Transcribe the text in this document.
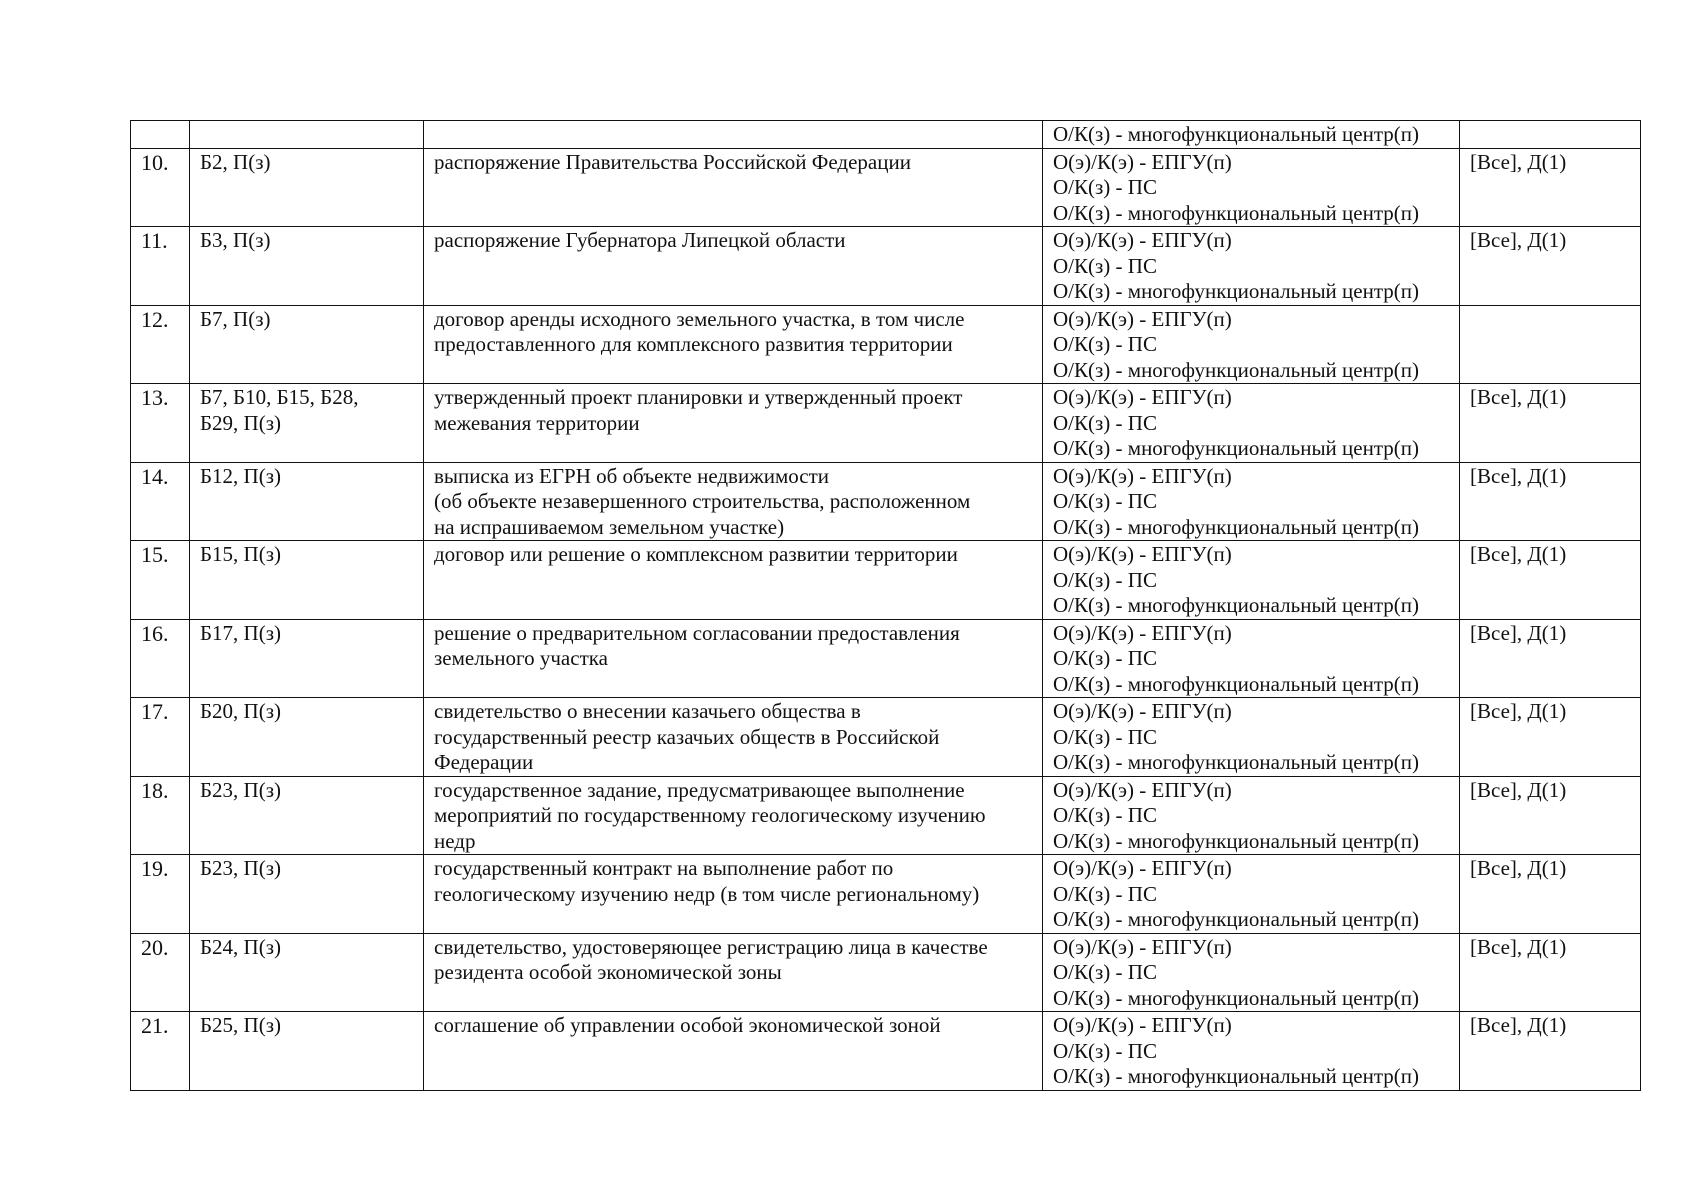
			О/К(з) - многофункциональный центр(п)	

10.	Б2, П(з)	распоряжение Правительства Российской Федерации	О(э)/К(э) - ЕПГУ(п)
О/К(з) - ПС
О/К(з) - многофункциональный центр(п)	[Все], Д(1)
11.	Б3, П(з)	распоряжение Губернатора Липецкой области	О(э)/К(э) - ЕПГУ(п)
О/К(з) - ПС
О/К(з) - многофункциональный центр(п)	[Все], Д(1)
12.	Б7, П(з)	договор аренды исходного земельного участка, в том числе
предоставленного для комплексного развития территории	О(э)/К(э) - ЕПГУ(п)
О/К(з) - ПС
О/К(з) - многофункциональный центр(п)	

13.	Б7, Б10, Б15, Б28,
Б29, П(з)	утвержденный проект планировки и утвержденный проект
межевания территории	О(э)/К(э) - ЕПГУ(п)
О/К(з) - ПС
О/К(з) - многофункциональный центр(п)	[Все], Д(1)
14.	Б12, П(з)	выписка из ЕГРН об объекте недвижимости
(об объекте незавершенного строительства, расположенном
на испрашиваемом земельном участке)	О(э)/К(э) - ЕПГУ(п)
О/К(з) - ПС
О/К(з) - многофункциональный центр(п)	[Все], Д(1)
15.	Б15, П(з)	договор или решение о комплексном развитии территории	О(э)/К(э) - ЕПГУ(п)
О/К(з) - ПС
О/К(з) - многофункциональный центр(п)	[Все], Д(1)
16.	Б17, П(з)	решение о предварительном согласовании предоставления
земельного участка	О(э)/К(э) - ЕПГУ(п)
О/К(з) - ПС
О/К(з) - многофункциональный центр(п)	[Все], Д(1)
17.	Б20, П(з)	свидетельство о внесении казачьего общества в
государственный реестр казачьих обществ в Российской
Федерации	О(э)/К(э) - ЕПГУ(п)
О/К(з) - ПС
О/К(з) - многофункциональный центр(п)	[Все], Д(1)
18.	Б23, П(з)	государственное задание, предусматривающее выполнение
мероприятий по государственному геологическому изучению
недр	О(э)/К(э) - ЕПГУ(п)
О/К(з) - ПС
О/К(з) - многофункциональный центр(п)	[Все], Д(1)
19.	Б23, П(з)	государственный контракт на выполнение работ по
геологическому изучению недр (в том числе региональному)	О(э)/К(э) - ЕПГУ(п)
О/К(з) - ПС
О/К(з) - многофункциональный центр(п)	[Все], Д(1)
20.	Б24, П(з)	свидетельство, удостоверяющее регистрацию лица в качестве
резидента особой экономической зоны	О(э)/К(э) - ЕПГУ(п)
О/К(з) - ПС
О/К(з) - многофункциональный центр(п)	[Все], Д(1)
21.	Б25, П(з)	соглашение об управлении особой экономической зоной	О(э)/К(э) - ЕПГУ(п)
О/К(з) - ПС
О/К(з) - многофункциональный центр(п)	[Все], Д(1)
